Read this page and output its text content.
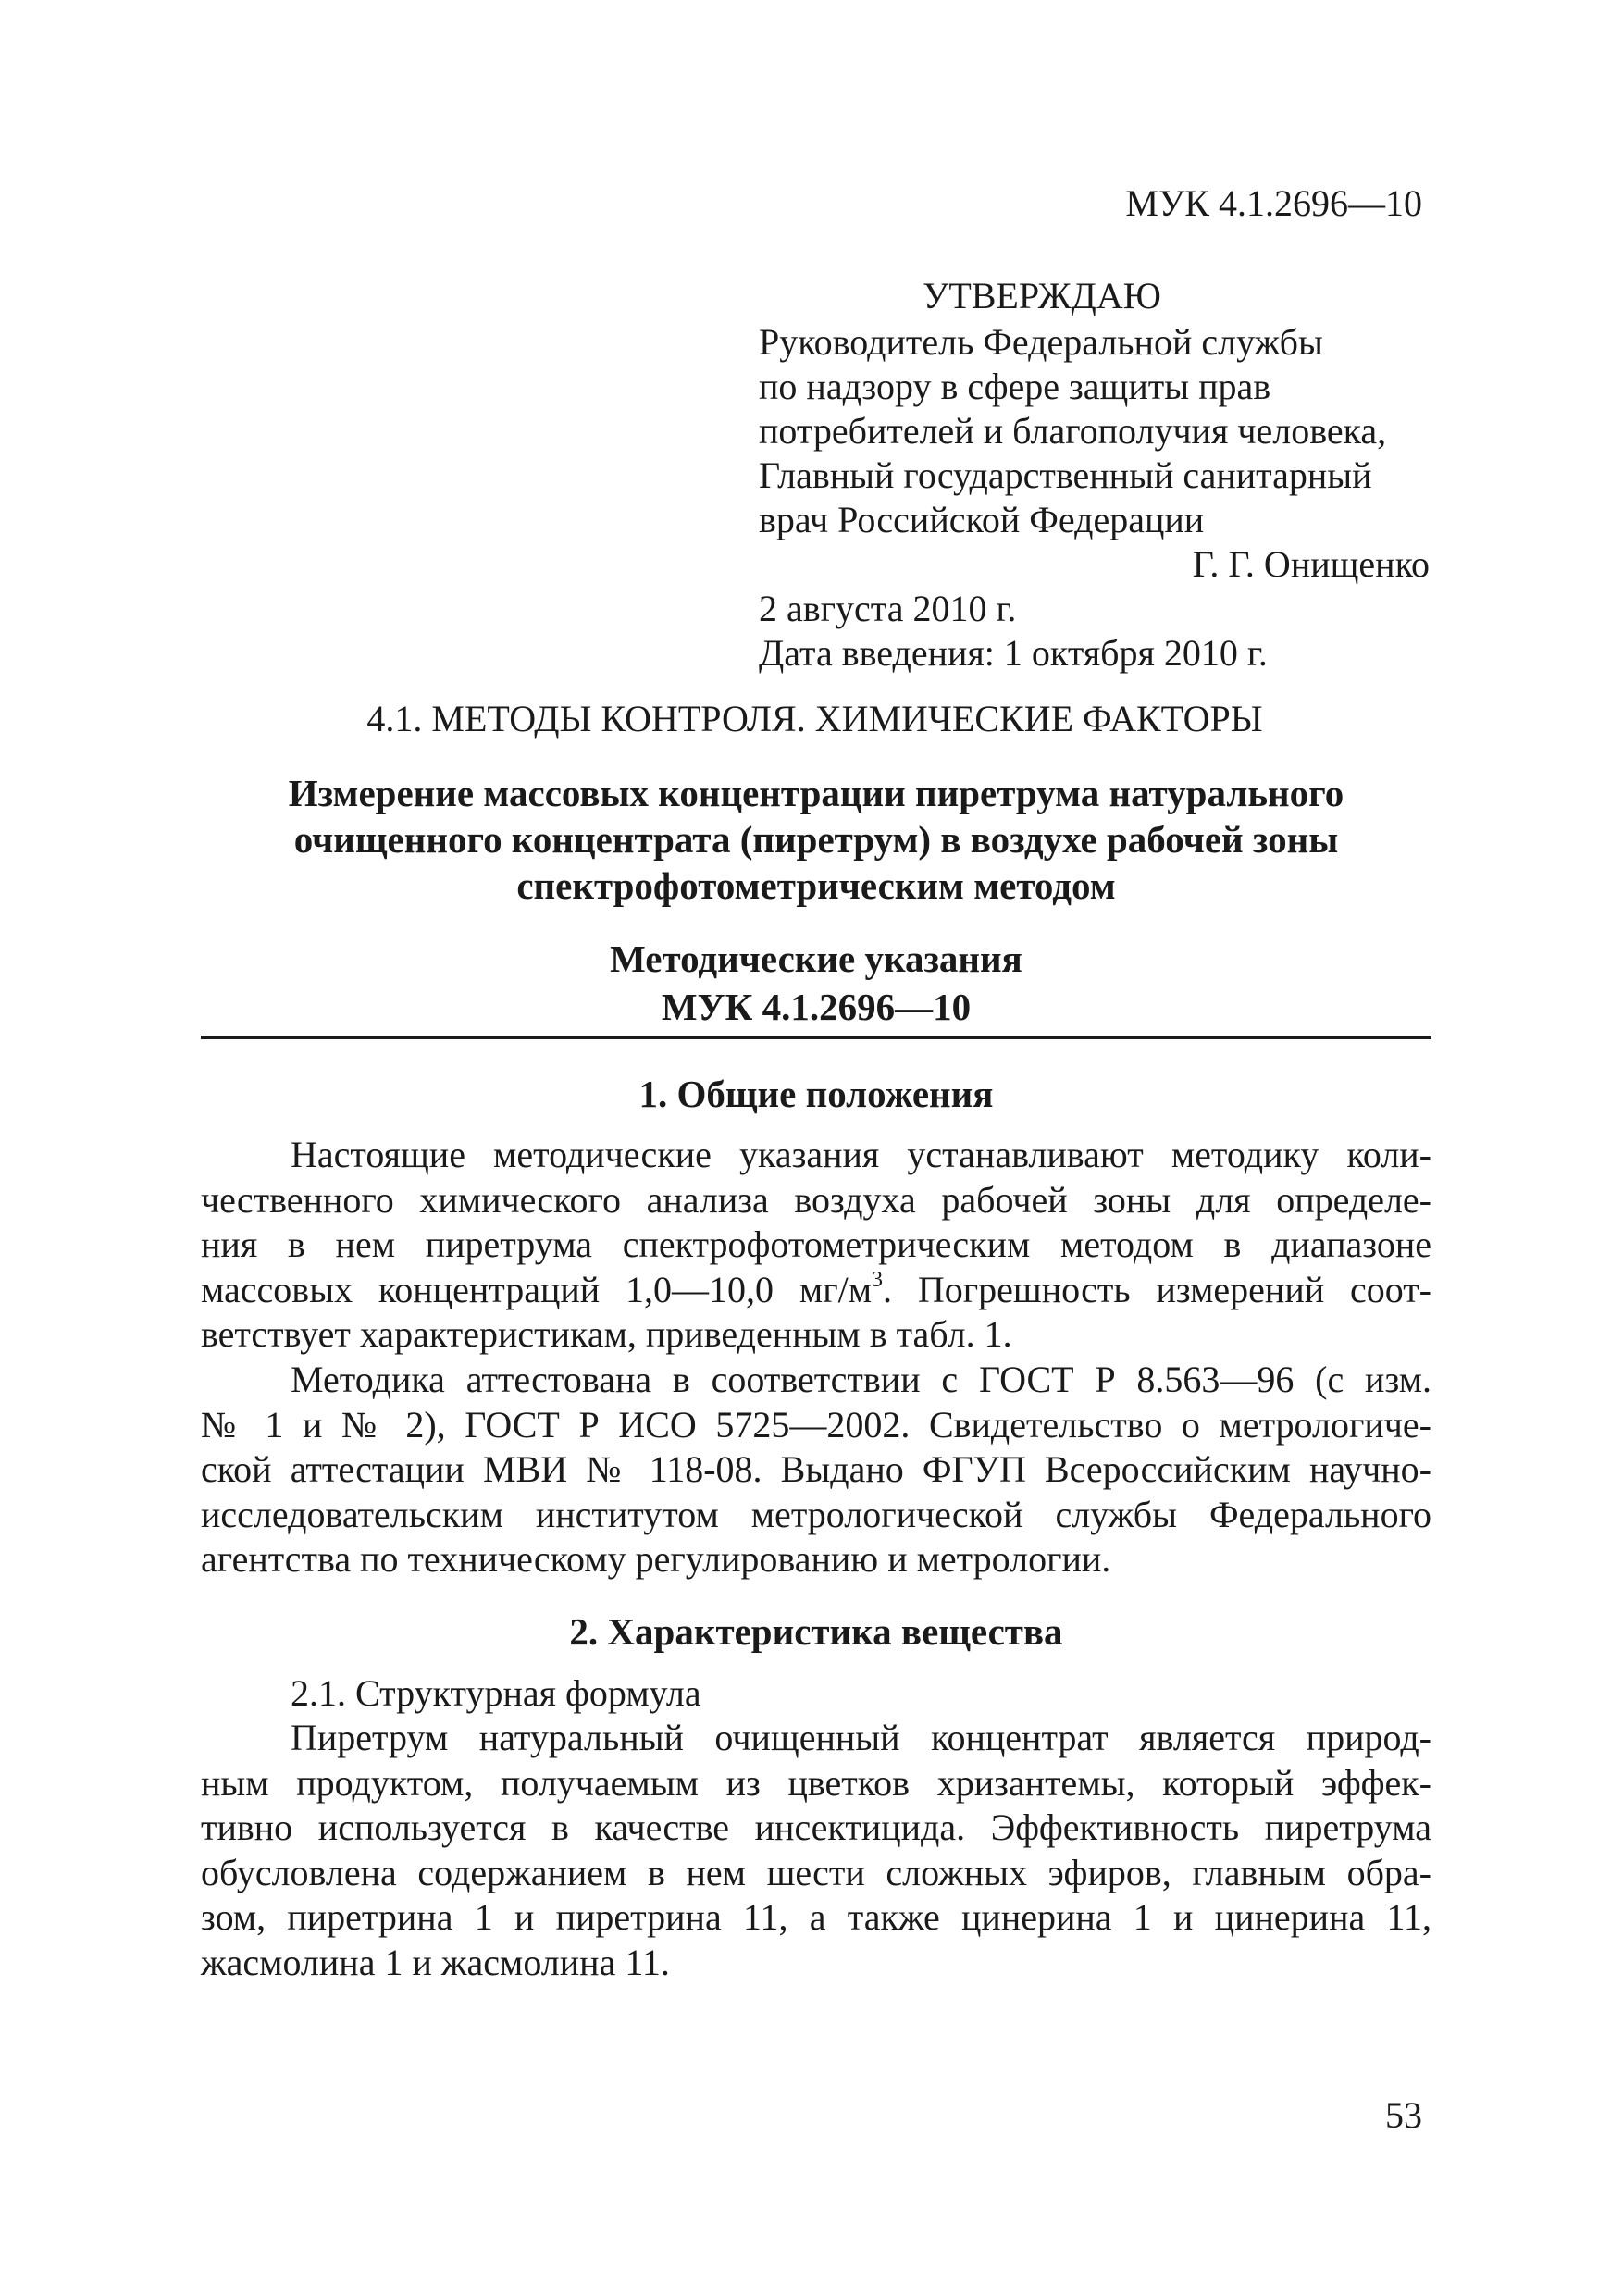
МУК 4.1.2696—10
УТВЕРЖДАЮ
Руководитель Федеральной службы
по надзору в сфере защиты прав
потребителей и благополучия человека,
Главный государственный санитарный
врач Российской Федерации
Г. Г. Онищенко
2 августа 2010 г.
Дата введения: 1 октября 2010 г.
4.1. МЕТОДЫ КОНТРОЛЯ. ХИМИЧЕСКИЕ ФАКТОРЫ
Измерение массовых концентрации пиретрума натурального
очищенного концентрата (пиретрум) в воздухе рабочей зоны
спектрофотометрическим методом
Методические указания
МУК 4.1.2696—10
1. Общие положения
Настоящие методические указания устанавливают методику коли-
чественного химического анализа воздуха рабочей зоны для определе-
ния в нем пиретрума спектрофотометрическим методом в диапазоне
массовых концентраций 1,0—10,0 $мг/м^3$. Погрешность измерений соот-
ветствует характеристикам, приведенным в табл. 1.
Методика аттестована в соответствии с ГОСТ Р 8.563—96 (с изм.
№ 1 и № 2), ГОСТ Р ИСО 5725—2002. Свидетельство о метрологиче-
ской аттестации МВИ № 118-08. Выдано ФГУП Всероссийским научно-
исследовательским институтом метрологической службы Федерального
агентства по техническому регулированию и метрологии.
2. Характеристика вещества
2.1. Структурная формула
Пиретрум натуральный очищенный концентрат является природ-
ным продуктом, получаемым из цветков хризантемы, который эффек-
тивно используется в качестве инсектицида. Эффективность пиретрума
обусловлена содержанием в нем шести сложных эфиров, главным обра-
зом, пиретрина 1 и пиретрина 11, а также цинерина 1 и цинерина 11,
жасмолина 1 и жасмолина 11.
53
